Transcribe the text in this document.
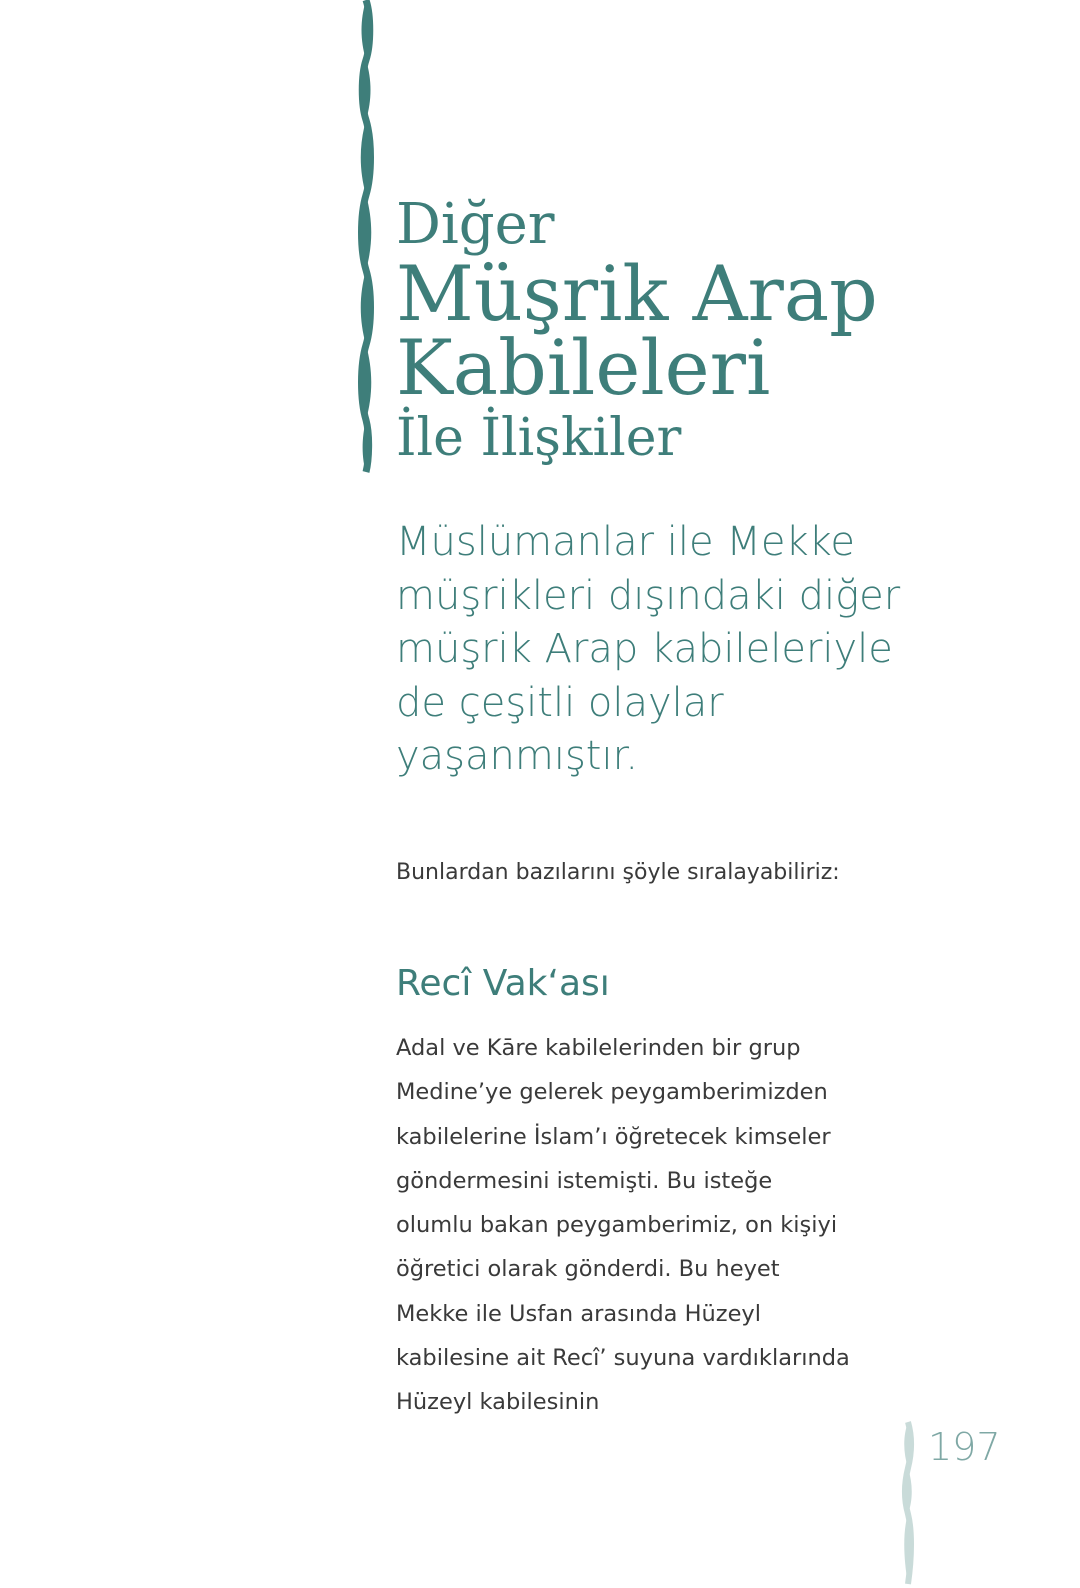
Diğer
Müşrik Arap
Kabileleri
İle İlişkiler

Müslümanlar ile Mekke müşrikleri dışındaki diğer müşrik Arap kabileleriyle de çeşitli olaylar yaşanmıştır.

Bunlardan bazılarını şöyle sıralayabiliriz:

Recî Vak‘ası

Adal ve Kāre kabilelerinden bir grup Medine’ye gelerek peygamberimizden kabilelerine İslam’ı öğretecek kimseler göndermesini istemişti. Bu isteğe olumlu bakan peygamberimiz, on kişiyi öğretici olarak gönderdi. Bu heyet Mekke ile Usfan arasında Hüzeyl kabilesine ait Recî’ suyuna vardıklarında Hüzeyl kabilesinin

197
